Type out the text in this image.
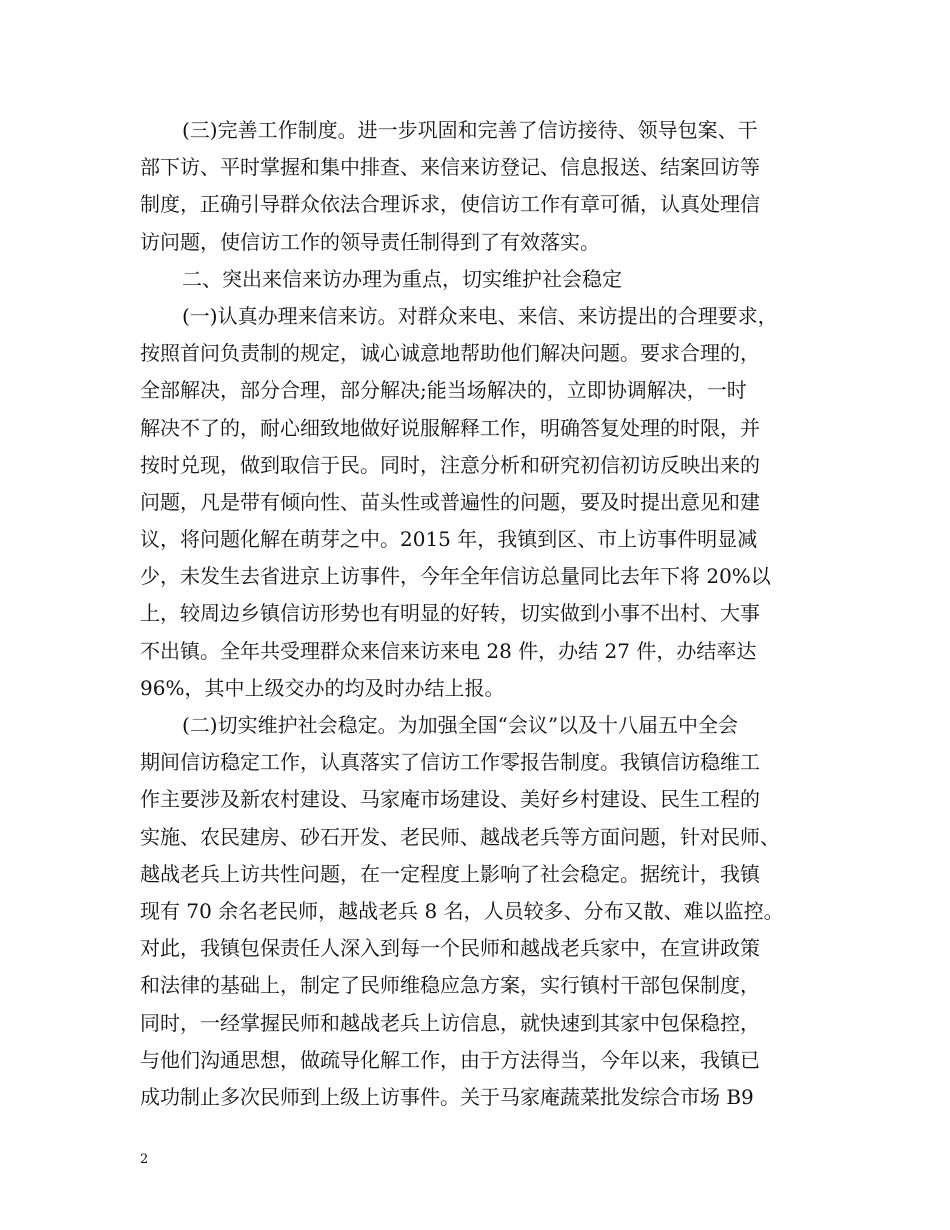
(三)完善工作制度。进一步巩固和完善了信访接待、领导包案、干
部下访、平时掌握和集中排查、来信来访登记、信息报送、结案回访等
制度，正确引导群众依法合理诉求，使信访工作有章可循，认真处理信
访问题，使信访工作的领导责任制得到了有效落实。
二、突出来信来访办理为重点，切实维护社会稳定
(一)认真办理来信来访。对群众来电、来信、来访提出的合理要求，
按照首问负责制的规定，诚心诚意地帮助他们解决问题。要求合理的，
全部解决，部分合理，部分解决;能当场解决的，立即协调解决，一时
解决不了的，耐心细致地做好说服解释工作，明确答复处理的时限，并
按时兑现，做到取信于民。同时，注意分析和研究初信初访反映出来的
问题，凡是带有倾向性、苗头性或普遍性的问题，要及时提出意见和建
议，将问题化解在萌芽之中。2015 年，我镇到区、市上访事件明显减
少，未发生去省进京上访事件，今年全年信访总量同比去年下将 20%以
上，较周边乡镇信访形势也有明显的好转，切实做到小事不出村、大事
不出镇。全年共受理群众来信来访来电 28 件，办结 27 件，办结率达
96%，其中上级交办的均及时办结上报。
(二)切实维护社会稳定。为加强全国“会议”以及十八届五中全会
期间信访稳定工作，认真落实了信访工作零报告制度。我镇信访稳维工
作主要涉及新农村建设、马家庵市场建设、美好乡村建设、民生工程的
实施、农民建房、砂石开发、老民师、越战老兵等方面问题，针对民师、
越战老兵上访共性问题，在一定程度上影响了社会稳定。据统计，我镇
现有 70 余名老民师，越战老兵 8 名，人员较多、分布又散、难以监控。
对此，我镇包保责任人深入到每一个民师和越战老兵家中，在宣讲政策
和法律的基础上，制定了民师维稳应急方案，实行镇村干部包保制度，
同时，一经掌握民师和越战老兵上访信息，就快速到其家中包保稳控，
与他们沟通思想，做疏导化解工作，由于方法得当，今年以来，我镇已
成功制止多次民师到上级上访事件。关于马家庵蔬菜批发综合市场 B9
2
